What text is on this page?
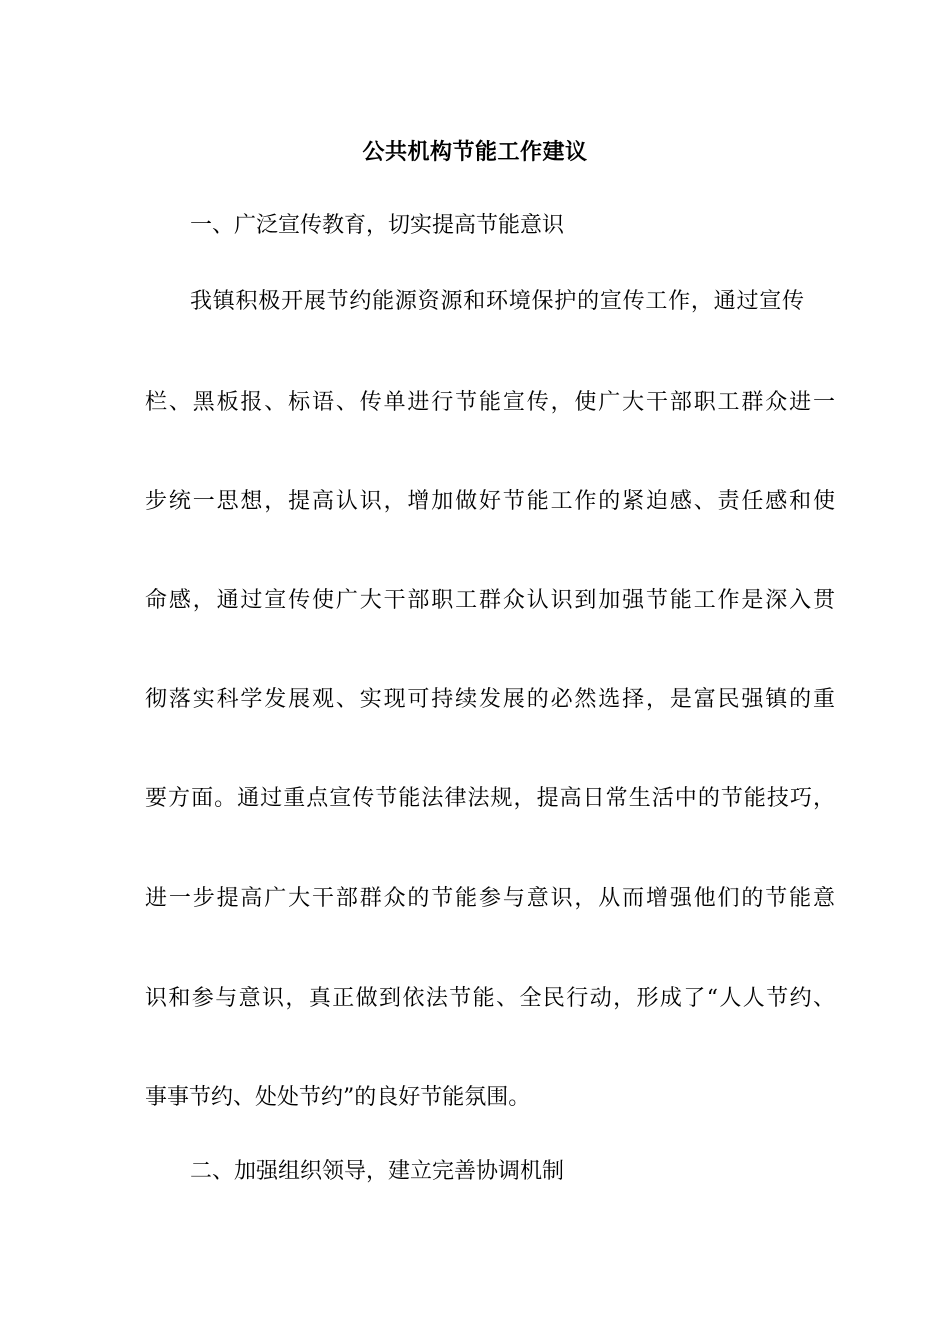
公共机构节能工作建议
一、广泛宣传教育，切实提高节能意识
我镇积极开展节约能源资源和环境保护的宣传工作，通过宣传
栏、黑板报、标语、传单进行节能宣传，使广大干部职工群众进一
步统一思想，提高认识，增加做好节能工作的紧迫感、责任感和使
命感，通过宣传使广大干部职工群众认识到加强节能工作是深入贯
彻落实科学发展观、实现可持续发展的必然选择，是富民强镇的重
要方面。通过重点宣传节能法律法规，提高日常生活中的节能技巧，
进一步提高广大干部群众的节能参与意识，从而增强他们的节能意
识和参与意识，真正做到依法节能、全民行动，形成了“人人节约、
事事节约、处处节约”的良好节能氛围。
二、加强组织领导，建立完善协调机制
